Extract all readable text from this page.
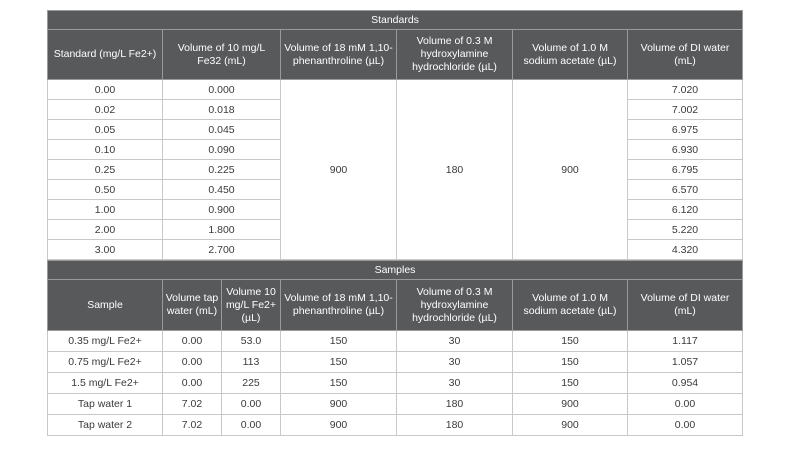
Standards					
Standard (mg/L Fe2+)	Volume of 10 mg/L Fe32 (mL)	Volume of 18 mM 1,10-phenanthroline (µL)	Volume of 0.3 M hydroxylamine hydrochloride (µL)	Volume of 1.0 M sodium acetate (µL)	Volume of DI water (mL)
0.00	0.000	900	180	900	7.020
0.02	0.018				7.002
0.05	0.045				6.975
0.10	0.090				6.930
0.25	0.225				6.795
0.50	0.450				6.570
1.00	0.900				6.120
2.00	1.800				5.220
3.00	2.700				4.320
Samples						
Sample	Volume tap water (mL)	Volume 10 mg/L Fe2+ (µL)	Volume of 18 mM 1,10-phenanthroline (µL)	Volume of 0.3 M hydroxylamine hydrochloride (µL)	Volume of 1.0 M sodium acetate (µL)	Volume of DI water (mL)
0.35 mg/L Fe2+	0.00	53.0	150	30	150	1.117
0.75 mg/L Fe2+	0.00	113	150	30	150	1.057
1.5 mg/L Fe2+	0.00	225	150	30	150	0.954
Tap water 1	7.02	0.00	900	180	900	0.00
Tap water 2	7.02	0.00	900	180	900	0.00
